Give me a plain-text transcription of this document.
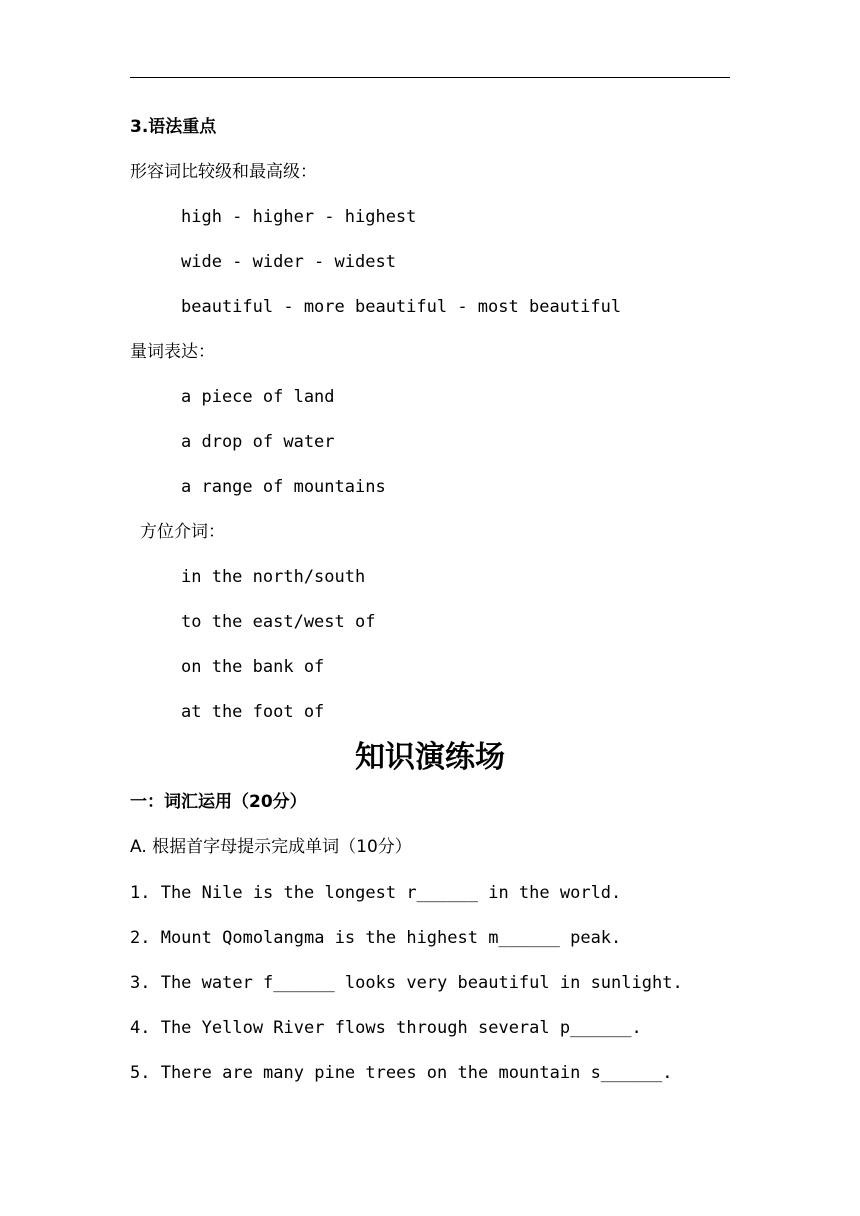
3.语法重点
形容词比较级和最高级：
high - higher - highest
wide - wider - widest
beautiful - more beautiful - most beautiful
量词表达：
a piece of land
a drop of water
a range of mountains
方位介词：
in the north/south
to the east/west of
on the bank of
at the foot of
知识演练场
一：词汇运用（20分）
A. 根据首字母提示完成单词（10分）
1. The Nile is the longest r______ in the world.
2. Mount Qomolangma is the highest m______ peak.
3. The water f______ looks very beautiful in sunlight.
4. The Yellow River flows through several p______.
5. There are many pine trees on the mountain s______.
